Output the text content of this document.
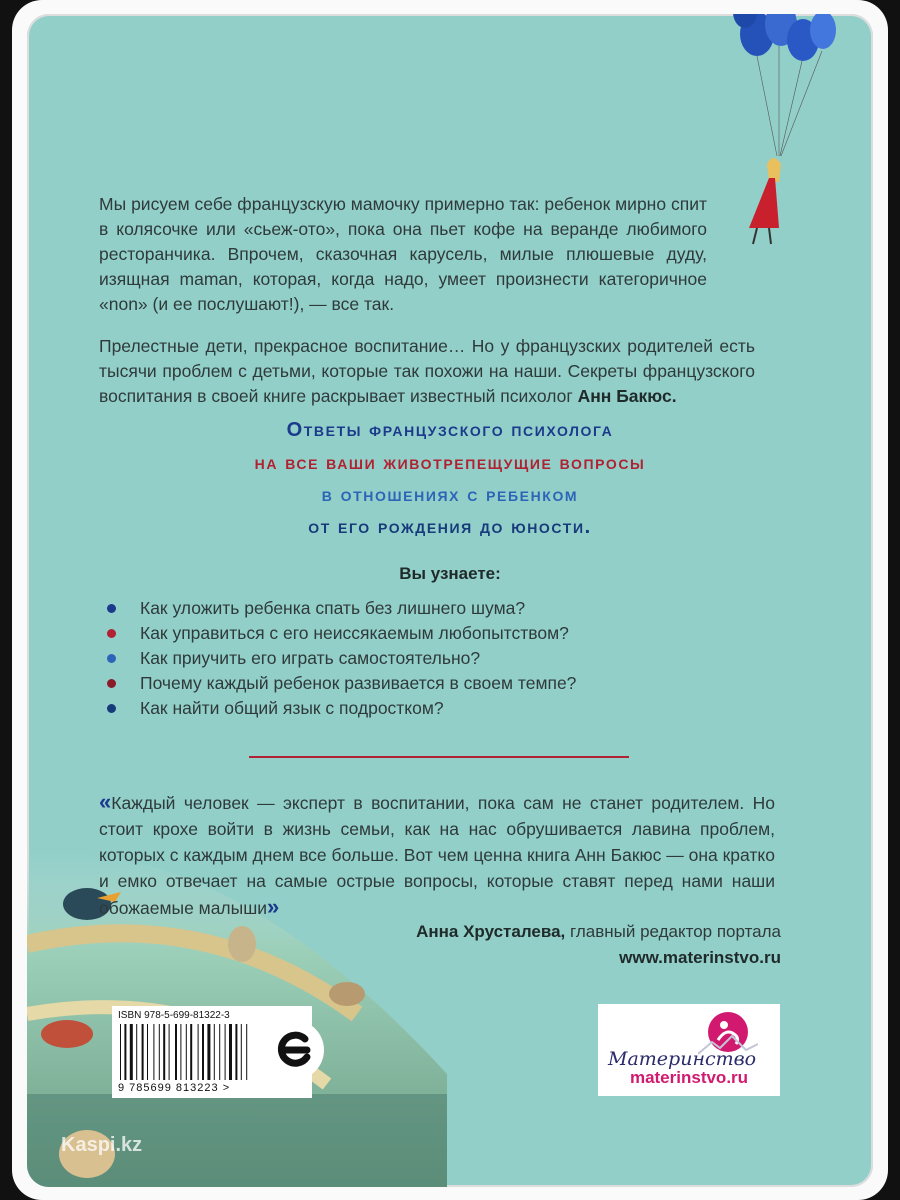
Мы рисуем себе французскую мамочку примерно так: ребенок мирно спит в колясочке или «сьеж-ото», пока она пьет кофе на веранде любимого ресторанчика. Впрочем, сказочная карусель, милые плюшевые дуду, изящная maman, которая, когда надо, умеет произнести категоричное «non» (и ее послушают!), — все так.

Прелестные дети, прекрасное воспитание… Но у французских родителей есть тысячи проблем с детьми, которые так похожи на наши. Секреты французского воспитания в своей книге раскрывает известный психолог Анн Бакюс.

Ответы французского психолога
на все ваши животрепещущие вопросы
в отношениях с ребенком
от его рождения до юности.
Вы узнаете:
Как уложить ребенка спать без лишнего шума?
Как управиться с его неиссякаемым любопытством?
Как приучить его играть самостоятельно?
Почему каждый ребенок развивается в своем темпе?
Как найти общий язык с подростком?
«Каждый человек — эксперт в воспитании, пока сам не станет родителем. Но стоит крохе войти в жизнь семьи, как на нас обрушивается лавина проблем, которых с каждым днем все больше. Вот чем ценна книга Анн Бакюс — она кратко и емко отвечает на самые острые вопросы, которые ставят перед нами наши обожаемые малыши»
Анна Хрусталева, главный редактор портала
www.materinstvo.ru
ISBN 978-5-699-81322-3
9 785699 813223 >
Материнство
materinstvo.ru
Kaspi.kz
